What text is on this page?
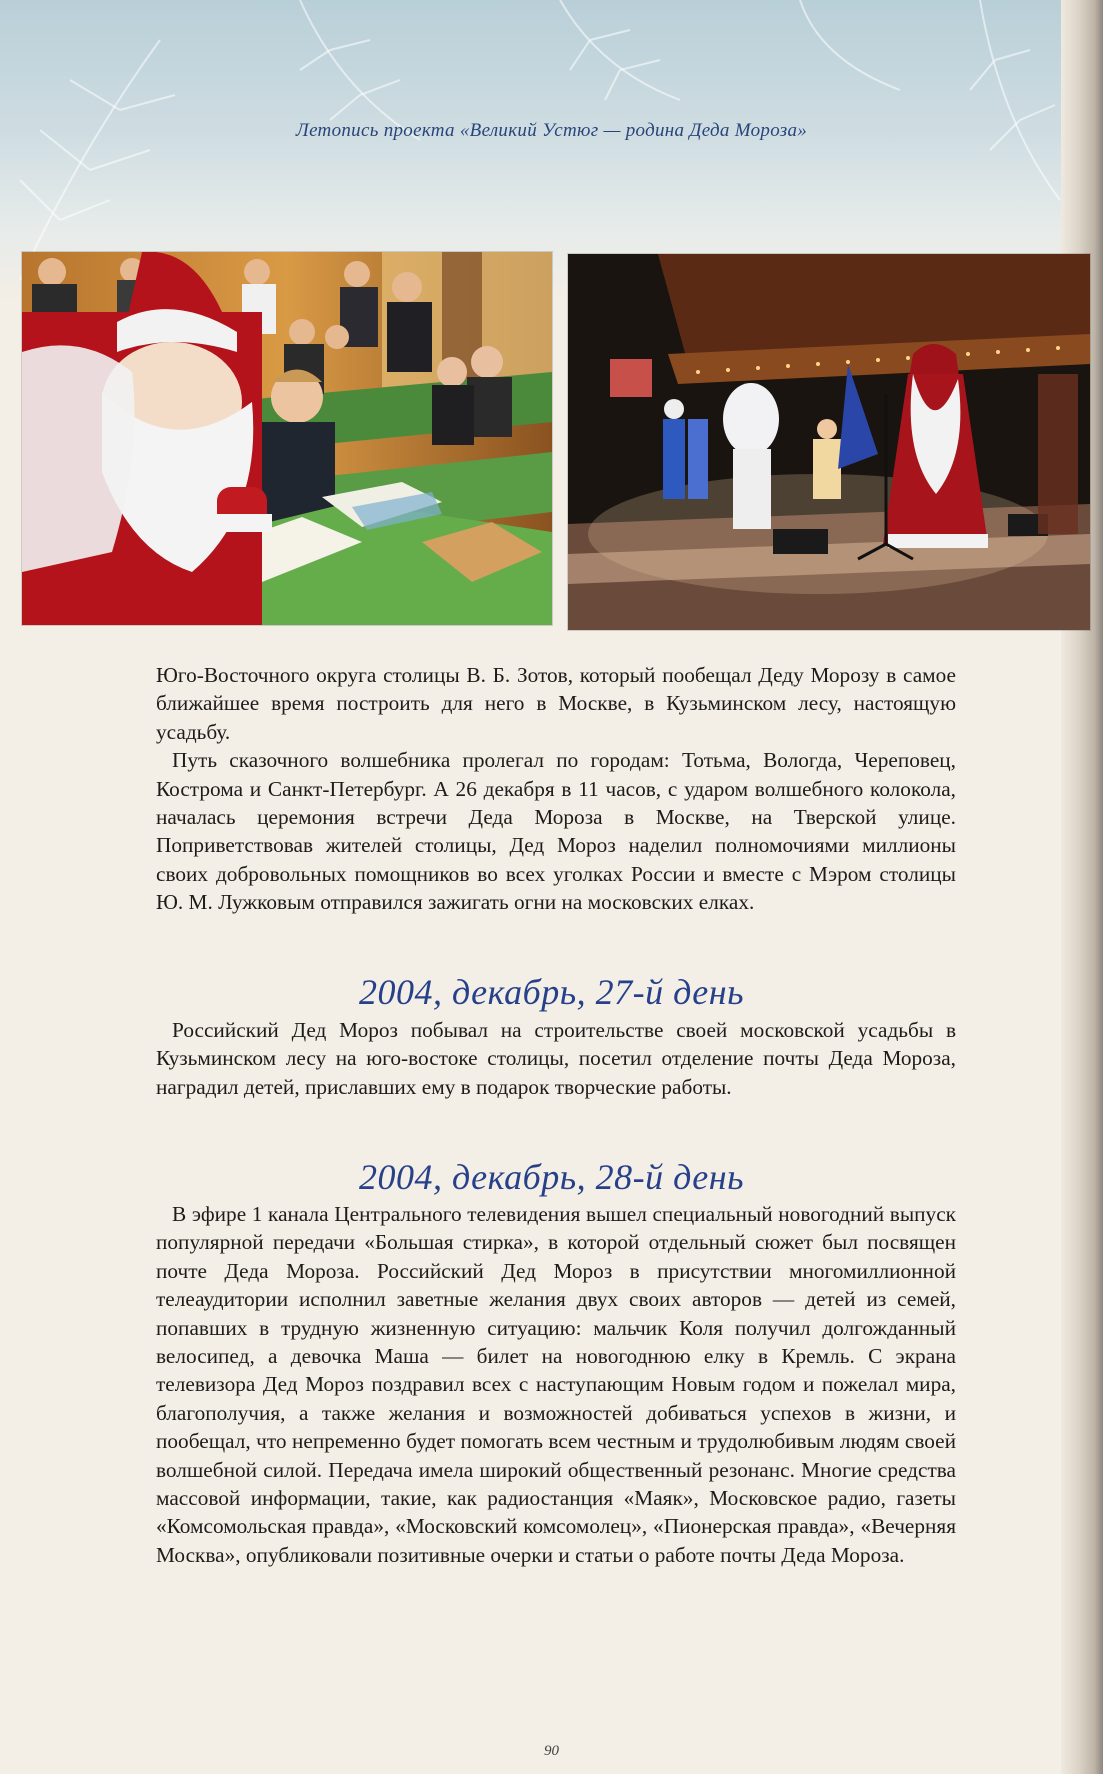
Летопись проекта «Великий Устюг — родина Деда Мороза»

Юго-Восточного округа столицы В. Б. Зотов, который пообещал Деду Морозу в самое ближайшее время построить для него в Москве, в Кузьминском лесу, настоящую усадьбу.

Путь сказочного волшебника пролегал по городам: Тотьма, Вологда, Череповец, Кострома и Санкт-Петербург. А 26 декабря в 11 часов, с ударом волшебного колокола, началась церемония встречи Деда Мороза в Москве, на Тверской улице. Поприветствовав жителей столицы, Дед Мороз наделил полномочиями миллионы своих добровольных помощников во всех уголках России и вместе с Мэром столицы Ю. М. Лужковым отправился зажигать огни на московских елках.

2004, декабрь, 27-й день

Российский Дед Мороз побывал на строительстве своей московской усадьбы в Кузьминском лесу на юго-востоке столицы, посетил отделение почты Деда Мороза, наградил детей, приславших ему в подарок творческие работы.

2004, декабрь, 28-й день

В эфире 1 канала Центрального телевидения вышел специальный новогодний выпуск популярной передачи «Большая стирка», в которой отдельный сюжет был посвящен почте Деда Мороза. Российский Дед Мороз в присутствии многомиллионной телеаудитории исполнил заветные желания двух своих авторов — детей из семей, попавших в трудную жизненную ситуацию: мальчик Коля получил долгожданный велосипед, а девочка Маша — билет на новогоднюю елку в Кремль. С экрана телевизора Дед Мороз поздравил всех с наступающим Новым годом и пожелал мира, благополучия, а также желания и возможностей добиваться успехов в жизни, и пообещал, что непременно будет помогать всем честным и трудолюбивым людям своей волшебной силой. Передача имела широкий общественный резонанс. Многие средства массовой информации, такие, как радиостанция «Маяк», Московское радио, газеты «Комсомольская правда», «Московский комсомолец», «Пионерская правда», «Вечерняя Москва», опубликовали позитивные очерки и статьи о работе почты Деда Мороза.

90
